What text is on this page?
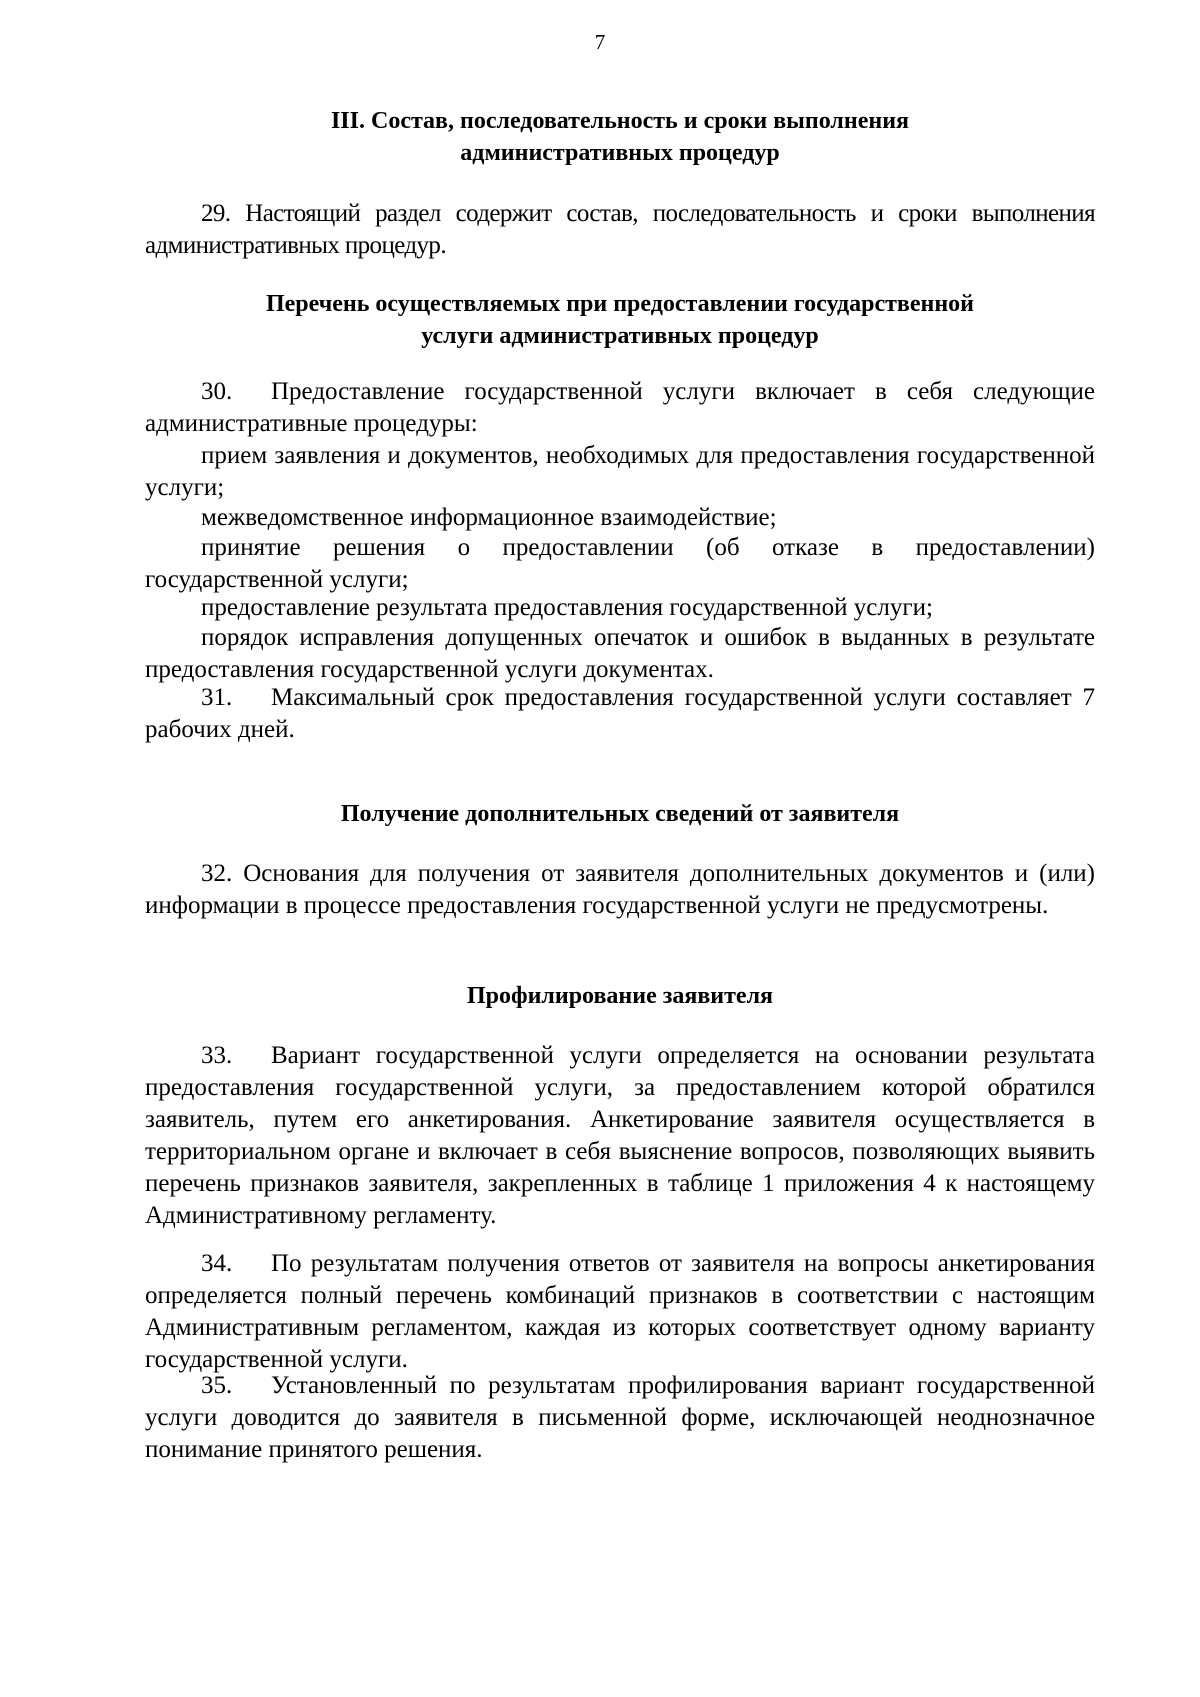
7
III. Состав, последовательность и сроки выполнения
административных процедур
29. Настоящий раздел содержит состав, последовательность и сроки выполнения административных процедур.
Перечень осуществляемых при предоставлении государственной
услуги административных процедур
30. Предоставление государственной услуги включает в себя следующие административные процедуры:
прием заявления и документов, необходимых для предоставления государственной услуги;
межведомственное информационное взаимодействие;
принятие решения о предоставлении (об отказе в предоставлении) государственной услуги;
предоставление результата предоставления государственной услуги;
порядок исправления допущенных опечаток и ошибок в выданных в результате предоставления государственной услуги документах.
31. Максимальный срок предоставления государственной услуги составляет 7 рабочих дней.
Получение дополнительных сведений от заявителя
32. Основания для получения от заявителя дополнительных документов и (или) информации в процессе предоставления государственной услуги не предусмотрены.
Профилирование заявителя
33. Вариант государственной услуги определяется на основании результата предоставления государственной услуги, за предоставлением которой обратился заявитель, путем его анкетирования. Анкетирование заявителя осуществляется в территориальном органе и включает в себя выяснение вопросов, позволяющих выявить перечень признаков заявителя, закрепленных в таблице 1 приложения 4 к настоящему Административному регламенту.
34. По результатам получения ответов от заявителя на вопросы анкетирования определяется полный перечень комбинаций признаков в соответствии с настоящим Административным регламентом, каждая из которых соответствует одному варианту государственной услуги.
35. Установленный по результатам профилирования вариант государственной услуги доводится до заявителя в письменной форме, исключающей неоднозначное понимание принятого решения.
